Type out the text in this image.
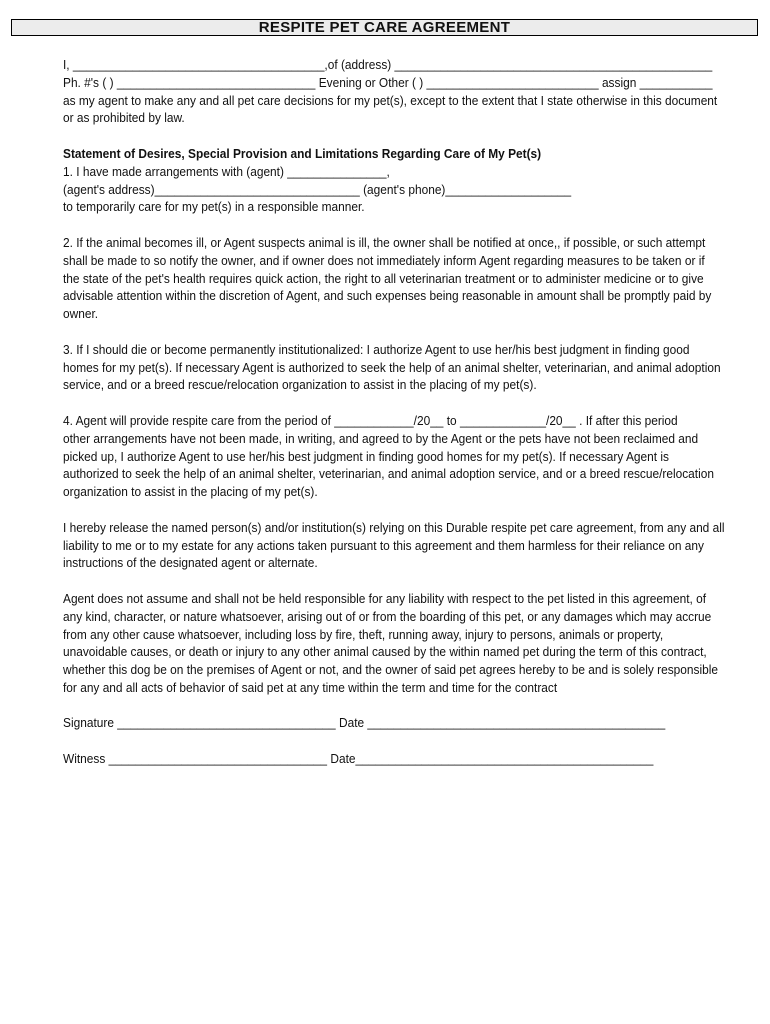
RESPITE PET CARE AGREEMENT

I, ______________________________________,of (address) ________________________________________________

Ph. #'s ( ) ______________________________ Evening or Other ( ) __________________________ assign ___________

as my agent to make any and all pet care decisions for my pet(s), except to the extent that I state otherwise in this document

or as prohibited by law.

Statement of Desires, Special Provision and Limitations Regarding Care of My Pet(s)

1. I have made arrangements with (agent) _______________,

(agent's address)_______________________________ (agent's phone)___________________

to temporarily care for my pet(s) in a responsible manner.

2. If the animal becomes ill, or Agent suspects animal is ill, the owner shall be notified at once,, if possible, or such attempt

shall be made to so notify the owner, and if owner does not immediately inform Agent regarding measures to be taken or if

the state of the pet's health requires quick action, the right to all veterinarian treatment or to administer medicine or to give

advisable attention within the discretion of Agent, and such expenses being reasonable in amount shall be promptly paid by

owner.

3. If I should die or become permanently institutionalized: I authorize Agent to use her/his best judgment in finding good

homes for my pet(s). If necessary Agent is authorized to seek the help of an animal shelter, veterinarian, and animal adoption

service, and or a breed rescue/relocation organization to assist in the placing of my pet(s).

4. Agent will provide respite care from the period of ____________/20__ to _____________/20__ . If after this period

other arrangements have not been made, in writing, and agreed to by the Agent or the pets have not been reclaimed and

picked up, I authorize Agent to use her/his best judgment in finding good homes for my pet(s). If necessary Agent is

authorized to seek the help of an animal shelter, veterinarian, and animal adoption service, and or a breed rescue/relocation

organization to assist in the placing of my pet(s).

I hereby release the named person(s) and/or institution(s) relying on this Durable respite pet care agreement, from any and all

liability to me or to my estate for any actions taken pursuant to this agreement and them harmless for their reliance on any

instructions of the designated agent or alternate.

Agent does not assume and shall not be held responsible for any liability with respect to the pet listed in this agreement, of

any kind, character, or nature whatsoever, arising out of or from the boarding of this pet, or any damages which may accrue

from any other cause whatsoever, including loss by fire, theft, running away, injury to persons, animals or property,

unavoidable causes, or death or injury to any other animal caused by the within named pet during the term of this contract,

whether this dog be on the premises of Agent or not, and the owner of said pet agrees hereby to be and is solely responsible

for any and all acts of behavior of said pet at any time within the term and time for the contract

Signature _________________________________ Date _____________________________________________

Witness _________________________________ Date_____________________________________________
